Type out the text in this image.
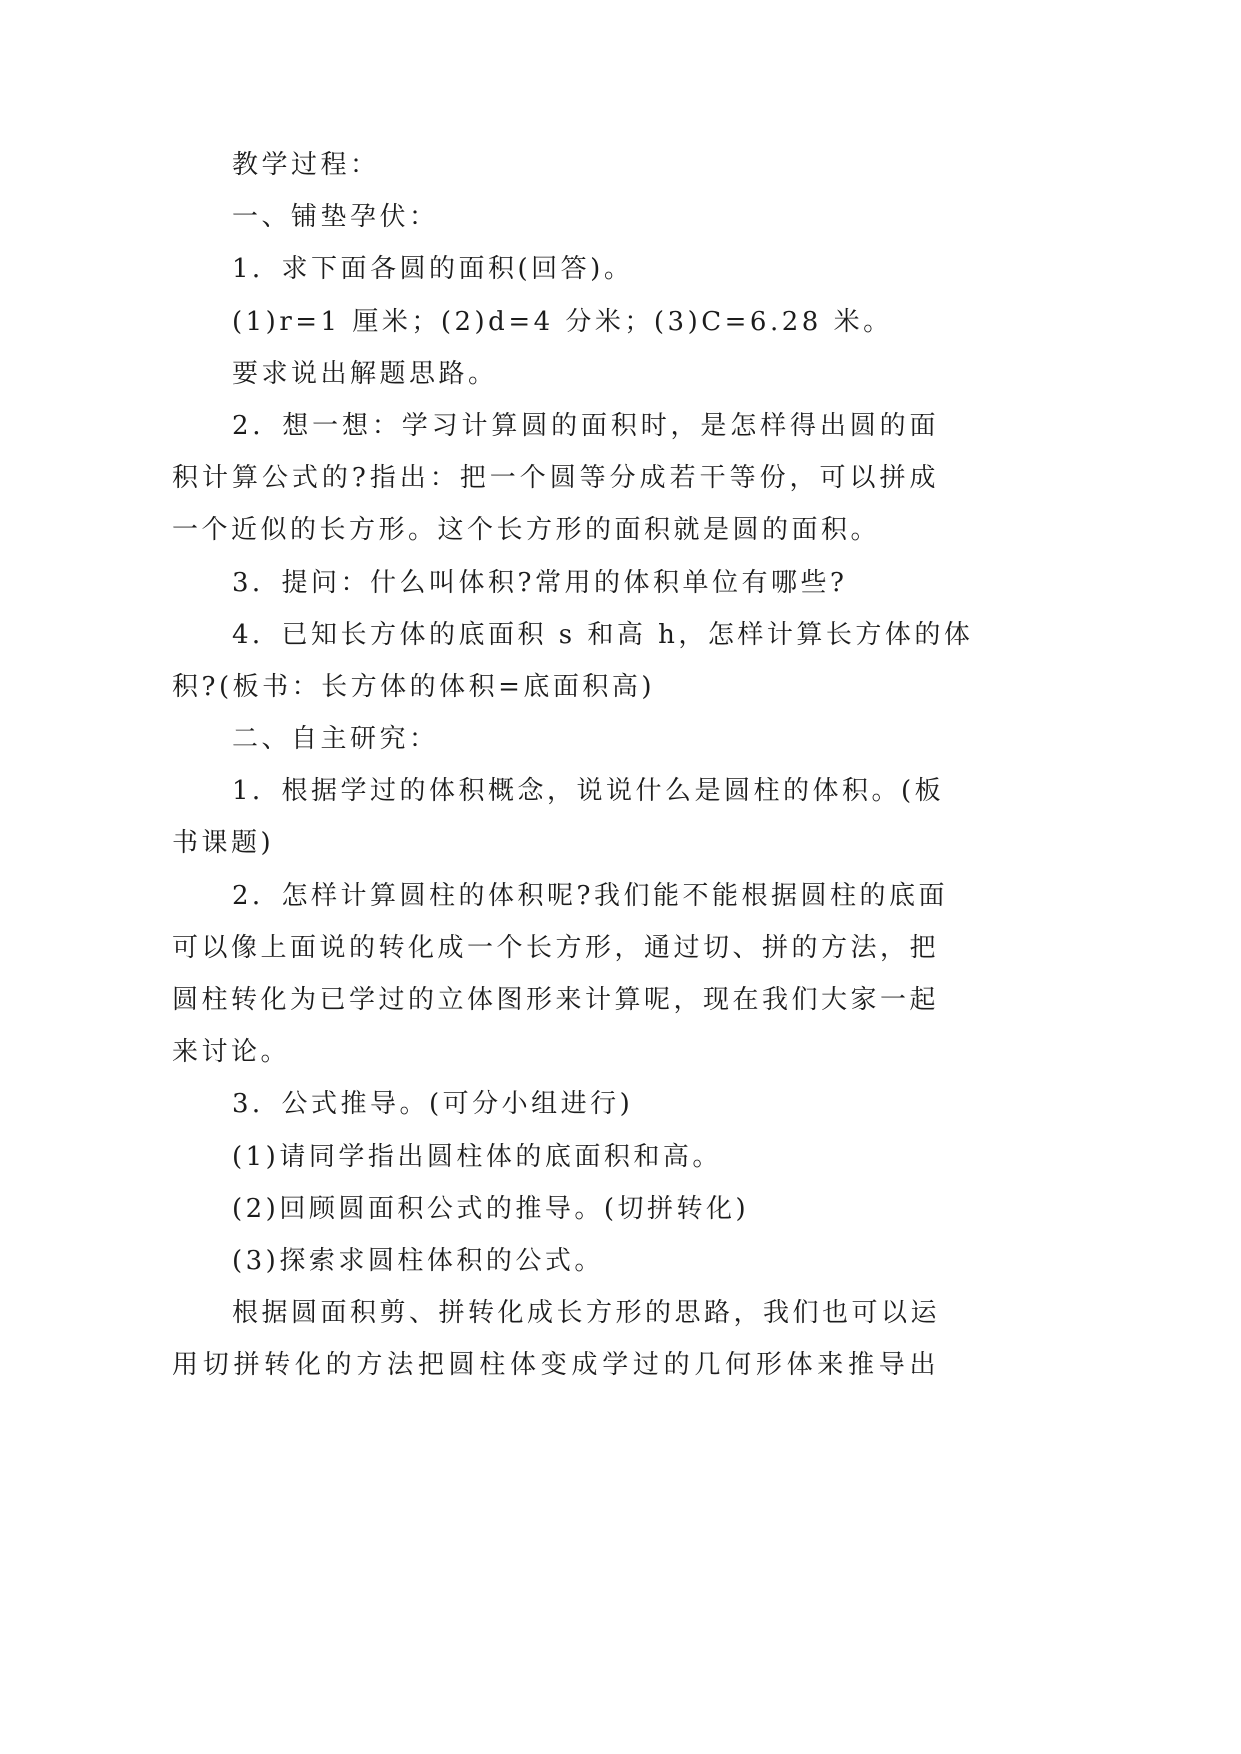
教学过程：
一、铺垫孕伏：
1．求下面各圆的面积(回答)。
(1)r=1 厘米；(2)d=4 分米；(3)C=6.28 米。
要求说出解题思路。
2．想一想：学习计算圆的面积时，是怎样得出圆的面
积计算公式的?指出：把一个圆等分成若干等份，可以拼成
一个近似的长方形。这个长方形的面积就是圆的面积。
3．提问：什么叫体积?常用的体积单位有哪些?
4．已知长方体的底面积 s 和高 h，怎样计算长方体的体
积?(板书：长方体的体积=底面积高)
二、自主研究：
1．根据学过的体积概念，说说什么是圆柱的体积。(板
书课题)
2．怎样计算圆柱的体积呢?我们能不能根据圆柱的底面
可以像上面说的转化成一个长方形，通过切、拼的方法，把
圆柱转化为已学过的立体图形来计算呢，现在我们大家一起
来讨论。
3．公式推导。(可分小组进行)
(1)请同学指出圆柱体的底面积和高。
(2)回顾圆面积公式的推导。(切拼转化)
(3)探索求圆柱体积的公式。
根据圆面积剪、拼转化成长方形的思路，我们也可以运
用切拼转化的方法把圆柱体变成学过的几何形体来推导出
